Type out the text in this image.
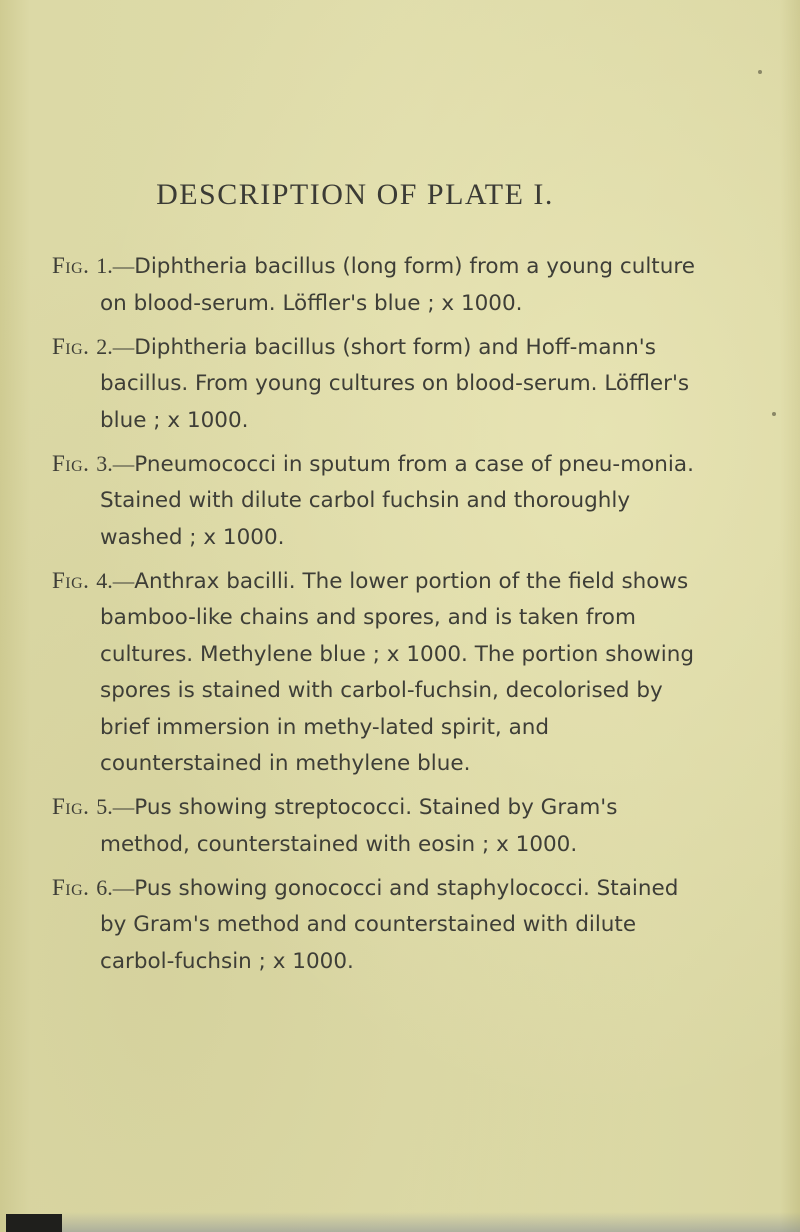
DESCRIPTION OF PLATE I.
Fig. 1.—Diphtheria bacillus (long form) from a young culture on blood-serum. Löffler's blue ; x 1000.
Fig. 2.—Diphtheria bacillus (short form) and Hoff-mann's bacillus. From young cultures on blood-serum. Löffler's blue ; x 1000.
Fig. 3.—Pneumococci in sputum from a case of pneu-monia. Stained with dilute carbol fuchsin and thoroughly washed ; x 1000.
Fig. 4.—Anthrax bacilli. The lower portion of the field shows bamboo-like chains and spores, and is taken from cultures. Methylene blue ; x 1000. The portion showing spores is stained with carbol-fuchsin, decolorised by brief immersion in methy-lated spirit, and counterstained in methylene blue.
Fig. 5.—Pus showing streptococci. Stained by Gram's method, counterstained with eosin ; x 1000.
Fig. 6.—Pus showing gonococci and staphylococci. Stained by Gram's method and counterstained with dilute carbol-fuchsin ; x 1000.
